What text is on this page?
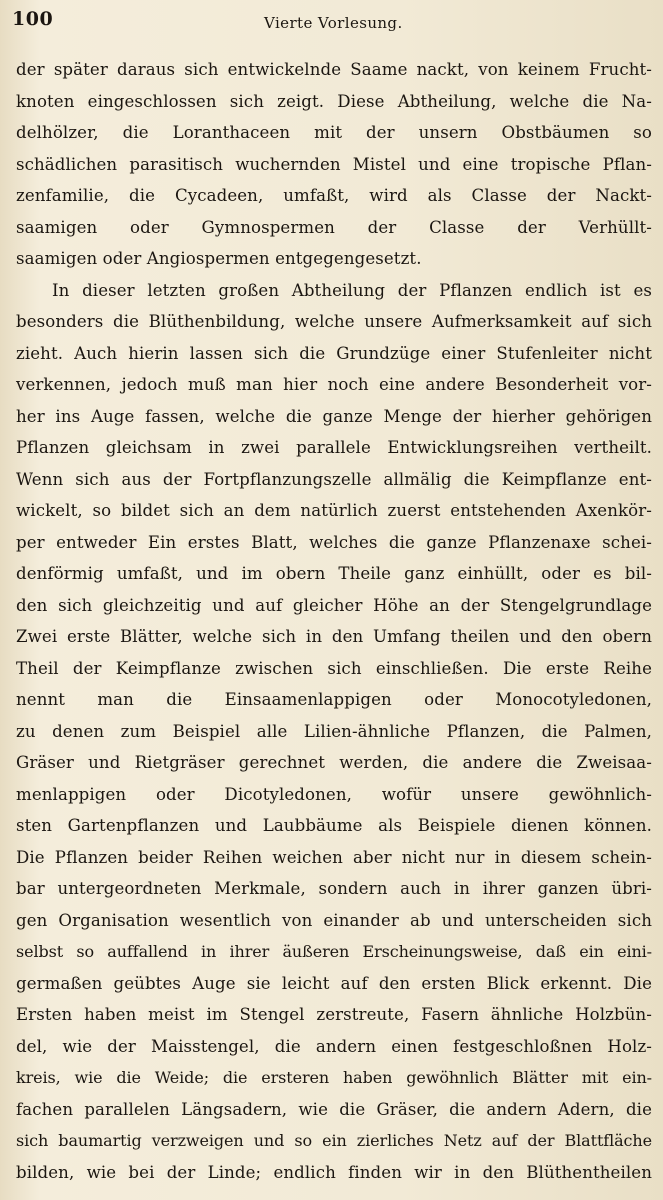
100	Vierte Vorlesung.
der später daraus sich entwickelnde Saame nackt, von keinem Frucht-
knoten eingeschlossen sich zeigt. Diese Abtheilung, welche die Na-
delhölzer, die Loranthaceen mit der unsern Obstbäumen so
schädlichen parasitisch wuchernden Mistel und eine tropische Pflan-
zenfamilie, die Cycadeen, umfaßt, wird als Classe der Nackt-
saamigen oder Gymnospermen der Classe der Verhüllt-
saamigen oder Angiospermen entgegengesetzt.
In dieser letzten großen Abtheilung der Pflanzen endlich ist es
besonders die Blüthenbildung, welche unsere Aufmerksamkeit auf sich
zieht. Auch hierin lassen sich die Grundzüge einer Stufenleiter nicht
verkennen, jedoch muß man hier noch eine andere Besonderheit vor-
her ins Auge fassen, welche die ganze Menge der hierher gehörigen
Pflanzen gleichsam in zwei parallele Entwicklungsreihen vertheilt.
Wenn sich aus der Fortpflanzungszelle allmälig die Keimpflanze ent-
wickelt, so bildet sich an dem natürlich zuerst entstehenden Axenkör-
per entweder Ein erstes Blatt, welches die ganze Pflanzenaxe schei-
denförmig umfaßt, und im obern Theile ganz einhüllt, oder es bil-
den sich gleichzeitig und auf gleicher Höhe an der Stengelgrundlage
Zwei erste Blätter, welche sich in den Umfang theilen und den obern
Theil der Keimpflanze zwischen sich einschließen. Die erste Reihe
nennt man die Einsaamenlappigen oder Monocotyledonen,
zu denen zum Beispiel alle Lilien-ähnliche Pflanzen, die Palmen,
Gräser und Rietgräser gerechnet werden, die andere die Zweisaa-
menlappigen oder Dicotyledonen, wofür unsere gewöhnlich-
sten Gartenpflanzen und Laubbäume als Beispiele dienen können.
Die Pflanzen beider Reihen weichen aber nicht nur in diesem schein-
bar untergeordneten Merkmale, sondern auch in ihrer ganzen übri-
gen Organisation wesentlich von einander ab und unterscheiden sich
selbst so auffallend in ihrer äußeren Erscheinungsweise, daß ein eini-
germaßen geübtes Auge sie leicht auf den ersten Blick erkennt. Die
Ersten haben meist im Stengel zerstreute, Fasern ähnliche Holzbün-
del, wie der Maisstengel, die andern einen festgeschloßnen Holz-
kreis, wie die Weide; die ersteren haben gewöhnlich Blätter mit ein-
fachen parallelen Längsadern, wie die Gräser, die andern Adern, die
sich baumartig verzweigen und so ein zierliches Netz auf der Blattfläche
bilden, wie bei der Linde; endlich finden wir in den Blüthentheilen
